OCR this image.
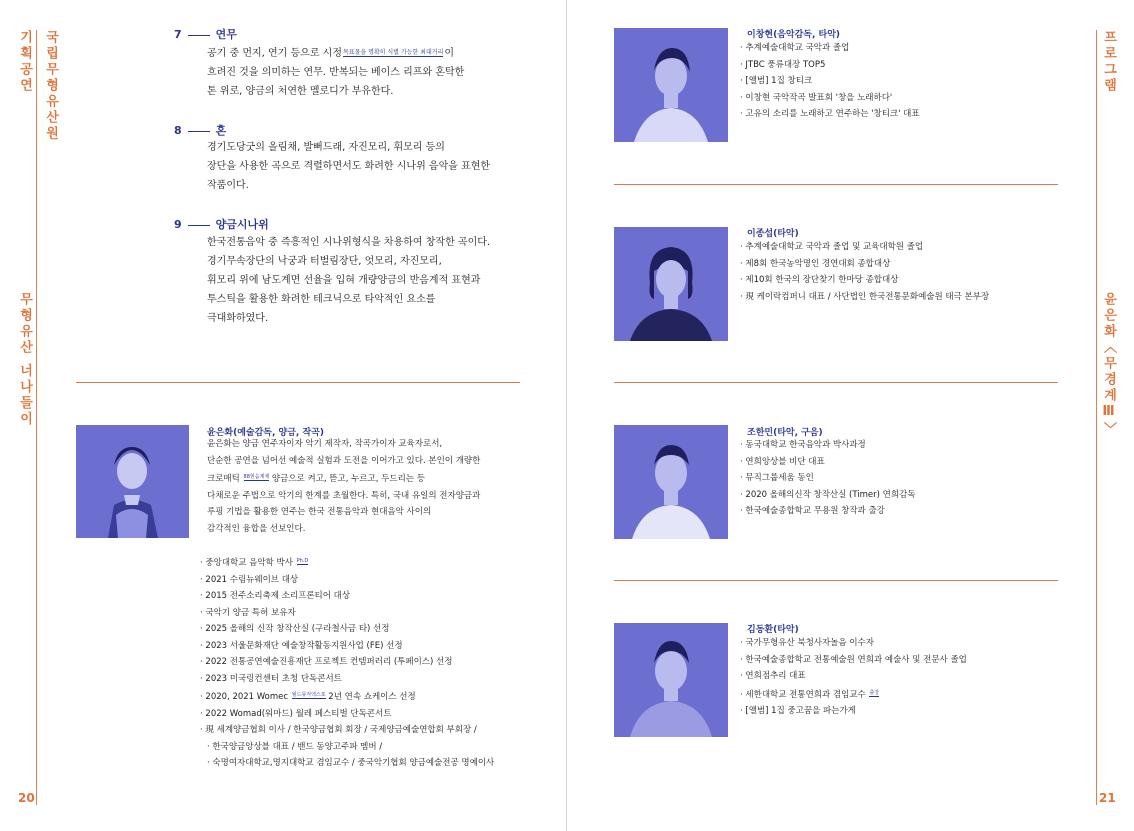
기획공연 국립무형유산원
무형유산 너나들이
20
7	연무
공기 중 먼지, 연기 등으로 시정$^{목표물을 명확히 식별 가능한 최대거리}$이
흐려진 것을 의미하는 연무. 반복되는 베이스 리프와 혼탁한
톤 위로, 양금의 처연한 멜로디가 부유한다.
8	혼
경기도당굿의 올림채, 발뻐드래, 자진모리, 휘모리 등의
장단을 사용한 곡으로 격렬하면서도 화려한 시나위 음악을 표현한
작품이다.
9	양금시나위
한국전통음악 중 즉흥적인 시나위형식을 차용하여 창작한 곡이다.
경기무속장단의 낙궁과 터벌림장단, 엇모리, 자진모리,
휘모리 위에 남도계면 선율을 입혀 개량양금의 반음계적 표현과
투스틱을 활용한 화려한 테크닉으로 타악적인 요소를
극대화하였다.
윤은화(예술감독, 양금, 작곡)
윤은화는 양금 연주자이자 악기 제작자, 작곡가이자 교육자로서,
단순한 공연을 넘어선 예술적 실험과 도전을 이어가고 있다. 본인이 개량한
크로매틱 $^{88현음계제}$ 양금으로 켜고, 뜯고, 누르고, 두드리는 등
다채로운 주법으로 악기의 한계를 초월한다. 특히, 국내 유일의 전자양금과
루핑 기법을 활용한 연주는 한국 전통음악과 현대음악 사이의
감각적인 융합을 선보인다.
· 중앙대학교 음악학 박사 $^{Ph.D}$
· 2021 수림뉴웨이브 대상
· 2015 전주소리축제 소리프론티어 대상
· 국악기 양금 특허 보유자
· 2025 올해의 신작 창작산실 (구라철사금 타) 선정
· 2023 서울문화재단 예술창작활동지원사업 (FE) 선정
· 2022 전통공연예술진흥재단 프로젝트 컨템퍼러리 (투페이스) 선정
· 2023 미국링컨센터 초청 단독콘서트
· 2020, 2021 Womec $^{월드뮤직엑스포}$ 2년 연속 쇼케이스 선정
· 2022 Womad(워마드) 월레 페스티벌 단독콘서트
· 現 세계양금협회 이사 / 한국양금협회 회장 / 국제양금예술연합회 부회장 /
· 한국양금앙상블 대표 / 밴드 동양고주파 멤버 /
· 숙명여자대학교,명지대학교 겸임교수 / 중국악기협회 양금예술전공 명예이사
프로그램
윤은화〈무경계Ⅲ〉
21
이창현(음악감독, 타악)
· 추계예술대학교 국악과 졸업
· JTBC 풍류대장 TOP5
· [앨범] 1집 창티크
· 이창현 국악작곡 발표회 '창을 노래하다'
· 고유의 소리를 노래하고 연주하는 '창티크' 대표
이종섭(타악)
· 추계예술대학교 국악과 졸업 및 교육대학원 졸업
· 제8회 한국농악명인 경연대회 종합대상
· 제10회 한국의 장단찾기 한마당 종합대상
· 現 케이락컴퍼니 대표 / 사단법인 한국전통문화예술원 태극 본부장
조한민(타악, 구음)
· 동국대학교 한국음악과 박사과정
· 연희앙상블 비단 대표
· 뮤직그룹세움 동인
· 2020 올해의신작 창작산실 (Timer) 연희감독
· 한국예술종합학교 무용원 창작과 출강
김동환(타악)
· 국가무형유산 북청사자놀음 이수자
· 한국예술종합학교 전통예술원 연희과 예술사 및 전문사 졸업
· 연희점추리 대표
· 세한대학교 전통연희과 겸임교수 $^{출강}$
· [앨범] 1집 중고꿈을 파는가게
